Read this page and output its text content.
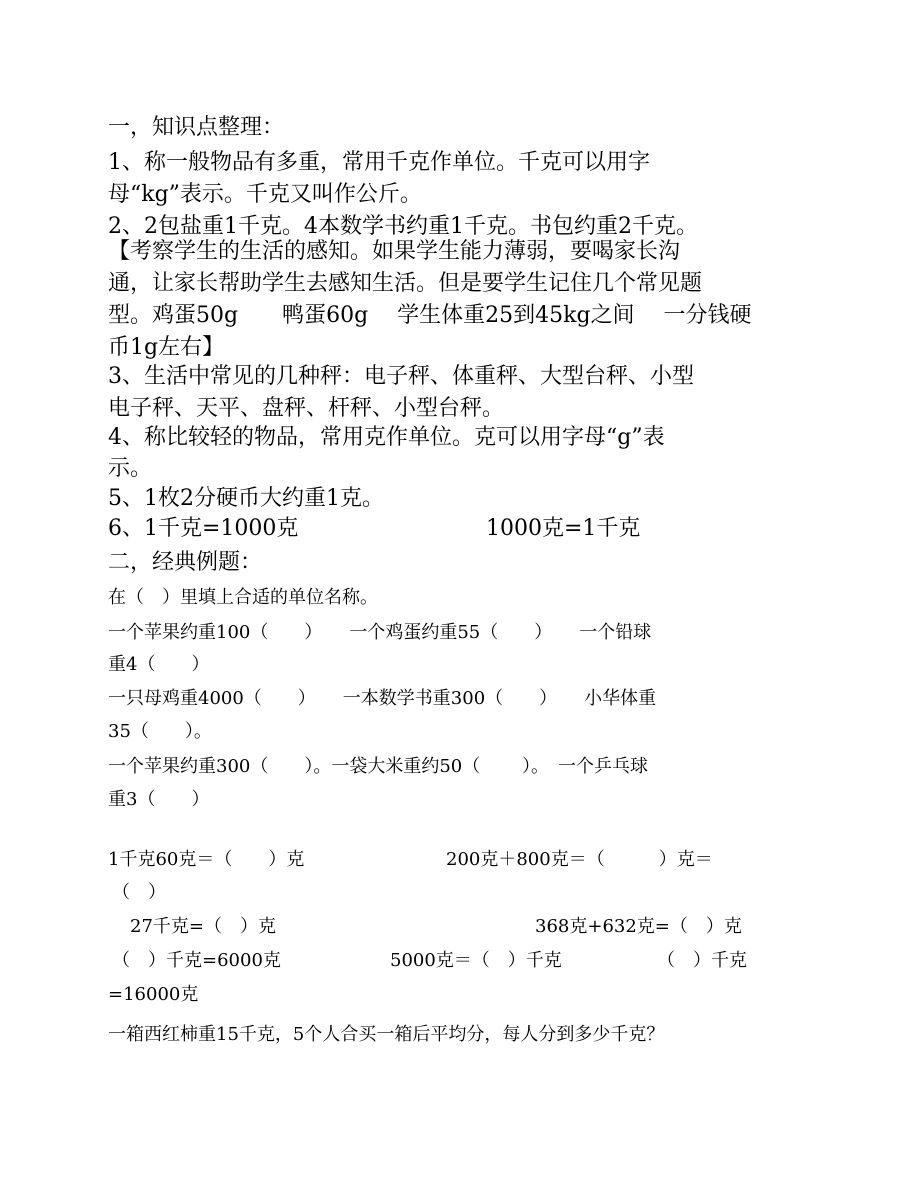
一，知识点整理：
1、称一般物品有多重，常用千克作单位。千克可以用字
母“kg”表示。千克又叫作公斤。
2、2包盐重1千克。4本数学书约重1千克。书包约重2千克。
【考察学生的生活的感知。如果学生能力薄弱，要喝家长沟
通，让家长帮助学生去感知生活。但是要学生记住几个常见题
型。鸡蛋50g　　鸭蛋60g　 学生体重25到45kg之间　 一分钱硬
币1g左右】
3、生活中常见的几种秤：电子秤、体重秤、大型台秤、小型
电子秤、天平、盘秤、杆秤、小型台秤。
4、称比较轻的物品，常用克作单位。克可以用字母“g”表
示。
5、1枚2分硬币大约重1克。
6、1千克=1000克	1000克=1千克
二，经典例题：
在（　）里填上合适的单位名称。
一个苹果约重100（　　）　　一个鸡蛋约重55（　　）　　一个铅球
重4（　　）
一只母鸡重4000（　　）　　一本数学书重300（　　）　　小华体重
35（　　）。
一个苹果约重300（　　）。一袋大米重约50（　　 ）。　一个乒乓球
重3（　　）
1千克60克＝（　　）克	200克＋800克＝（　　　）克＝
（　）
27千克=（　）克	368克+632克=（　）克
（　）千克=6000克	5000克＝（　）千克	（　）千克
=16000克
一箱西红柿重15千克，5个人合买一箱后平均分，每人分到多少千克？
